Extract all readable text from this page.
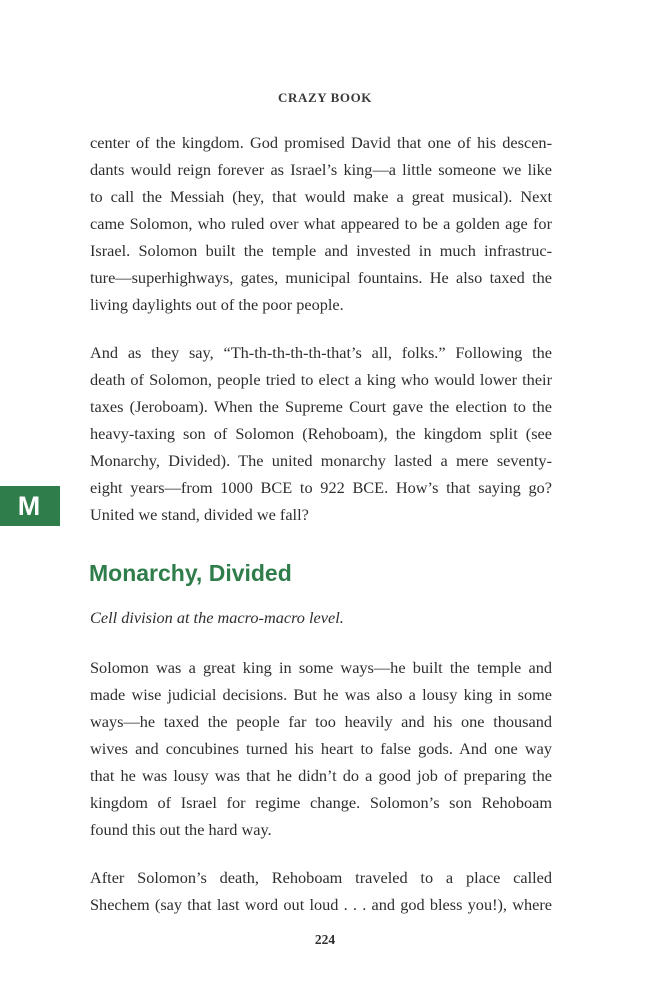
CRAZY BOOK

center of the kingdom. God promised David that one of his descen-
dants would reign forever as Israel’s king—a little someone we like
to call the Messiah (hey, that would make a great musical). Next
came Solomon, who ruled over what appeared to be a golden age for
Israel. Solomon built the temple and invested in much infrastruc-
ture—superhighways, gates, municipal fountains. He also taxed the
living daylights out of the poor people.

And as they say, “Th-th-th-th-th-that’s all, folks.” Following the
death of Solomon, people tried to elect a king who would lower their
taxes (Jeroboam). When the Supreme Court gave the election to the
heavy-taxing son of Solomon (Rehoboam), the kingdom split (see
Monarchy, Divided). The united monarchy lasted a mere seventy-
eight years—from 1000 BCE to 922 BCE. How’s that saying go?
United we stand, divided we fall?

M
Monarchy, Divided

Cell division at the macro-macro level.

Solomon was a great king in some ways—he built the temple and
made wise judicial decisions. But he was also a lousy king in some
ways—he taxed the people far too heavily and his one thousand
wives and concubines turned his heart to false gods. And one way
that he was lousy was that he didn’t do a good job of preparing the
kingdom of Israel for regime change. Solomon’s son Rehoboam
found this out the hard way.

After Solomon’s death, Rehoboam traveled to a place called
Shechem (say that last word out loud . . . and god bless you!), where

224
